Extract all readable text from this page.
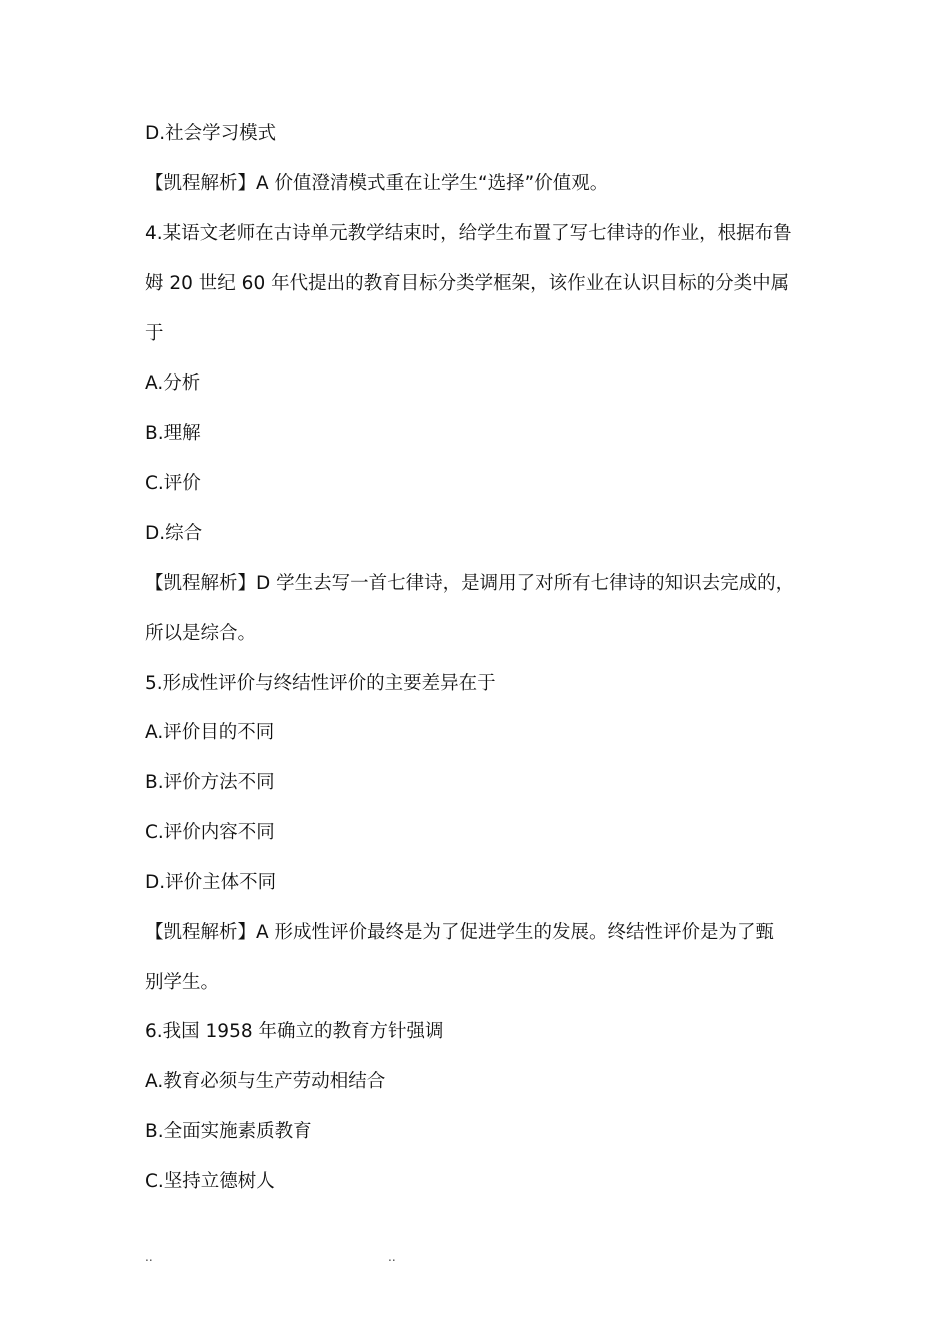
D.社会学习模式
【凯程解析】A 价值澄清模式重在让学生“选择”价值观。
4.某语文老师在古诗单元教学结束时，给学生布置了写七律诗的作业，根据布鲁
姆 20 世纪 60 年代提出的教育目标分类学框架，该作业在认识目标的分类中属
于
A.分析
B.理解
C.评价
D.综合
【凯程解析】D 学生去写一首七律诗，是调用了对所有七律诗的知识去完成的，
所以是综合。
5.形成性评价与终结性评价的主要差异在于
A.评价目的不同
B.评价方法不同
C.评价内容不同
D.评价主体不同
【凯程解析】A 形成性评价最终是为了促进学生的发展。终结性评价是为了甄
别学生。
6.我国 1958 年确立的教育方针强调
A.教育必须与生产劳动相结合
B.全面实施素质教育
C.坚持立德树人
..	..
